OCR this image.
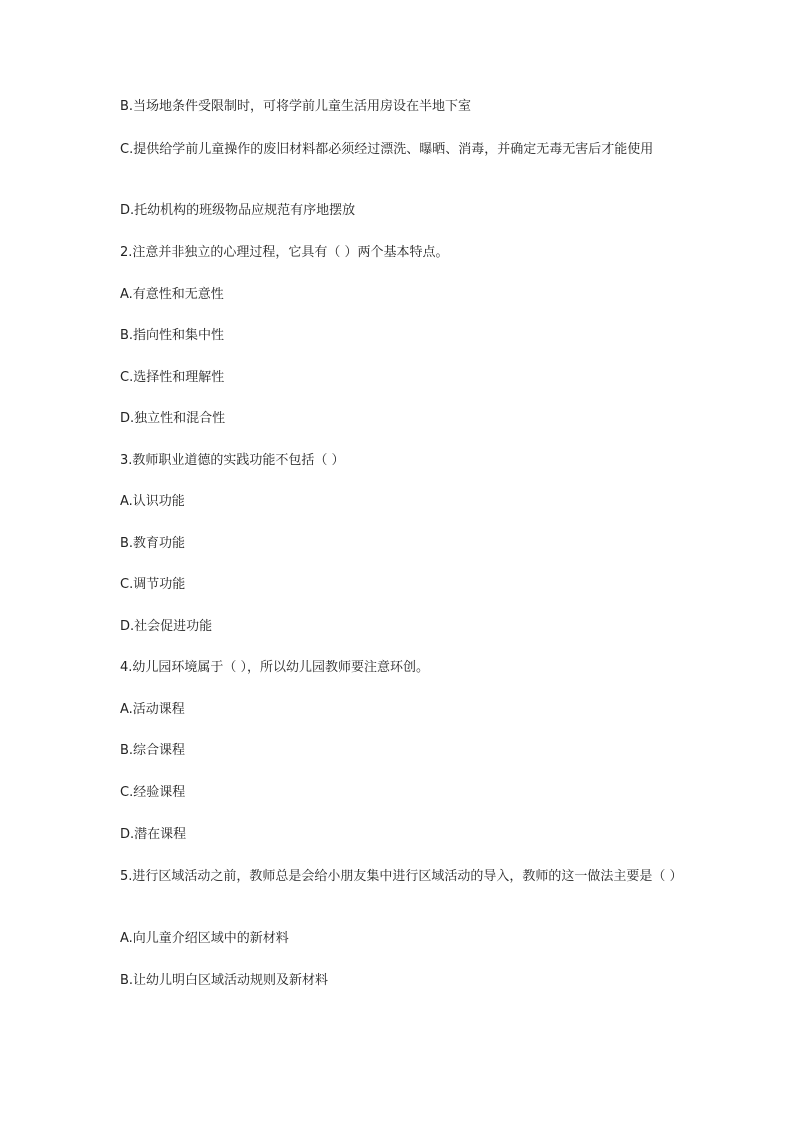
B.当场地条件受限制时，可将学前儿童生活用房设在半地下室

C.提供给学前儿童操作的废旧材料都必须经过漂洗、曝晒、消毒，并确定无毒无害后才能使用

D.托幼机构的班级物品应规范有序地摆放

2.注意并非独立的心理过程，它具有（ ）两个基本特点。

A.有意性和无意性

B.指向性和集中性

C.选择性和理解性

D.独立性和混合性

3.教师职业道德的实践功能不包括（ ）

A.认识功能

B.教育功能

C.调节功能

D.社会促进功能

4.幼儿园环境属于（ ），所以幼儿园教师要注意环创。

A.活动课程

B.综合课程

C.经验课程

D.潜在课程

5.进行区域活动之前，教师总是会给小朋友集中进行区域活动的导入，教师的这一做法主要是（ ）

A.向儿童介绍区域中的新材料

B.让幼儿明白区域活动规则及新材料
